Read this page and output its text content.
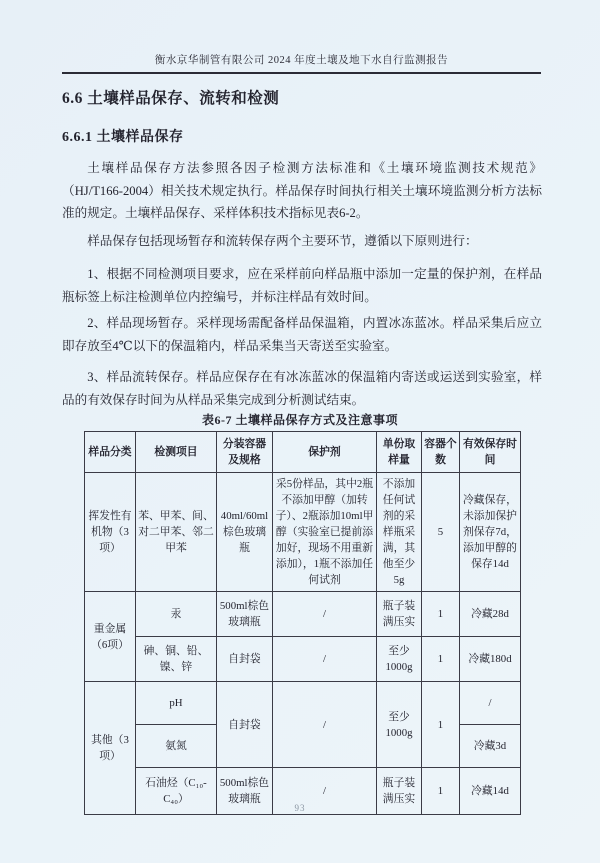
衡水京华制管有限公司 2024 年度土壤及地下水自行监测报告
6.6 土壤样品保存、流转和检测
6.6.1 土壤样品保存

土壤样品保存方法参照各因子检测方法标准和《土壤环境监测技术规范》（HJ/T166-2004）相关技术规定执行。样品保存时间执行相关土壤环境监测分析方法标准的规定。土壤样品保存、采样体积技术指标见表6-2。

样品保存包括现场暂存和流转保存两个主要环节，遵循以下原则进行：

1、根据不同检测项目要求，应在采样前向样品瓶中添加一定量的保护剂，在样品瓶标签上标注检测单位内控编号，并标注样品有效时间。

2、样品现场暂存。采样现场需配备样品保温箱，内置冰冻蓝冰。样品采集后应立即存放至4℃以下的保温箱内，样品采集当天寄送至实验室。

3、样品流转保存。样品应保存在有冰冻蓝冰的保温箱内寄送或运送到实验室，样品的有效保存时间为从样品采集完成到分析测试结束。

表6-7 土壤样品保存方式及注意事项
样品分类	检测项目	分装容器及规格	保护剂	单份取样量	容器个数	有效保存时间
挥发性有机物（3项）	苯、甲苯、间、对二甲苯、邻二甲苯	40ml/60ml棕色玻璃瓶	采5份样品，其中2瓶不添加甲醇（加转子）、2瓶添加10ml甲醇（实验室已提前添加好，现场不用重新添加），1瓶不添加任何试剂	不添加任何试剂的采样瓶采满，其他至少5g	5	冷藏保存，未添加保护剂保存7d，添加甲醇的保存14d
重金属（6项）	汞	500ml棕色玻璃瓶	/	瓶子装满压实	1	冷藏28d
	砷、铜、铅、镍、锌	自封袋	/	至少1000g	1	冷藏180d
其他（3项）	pH	自封袋	/	至少1000g	1	/
	氨氮					冷藏3d
	石油烃（C₁₀-C₄₀）	500ml棕色玻璃瓶	/	瓶子装满压实	1	冷藏14d
93
